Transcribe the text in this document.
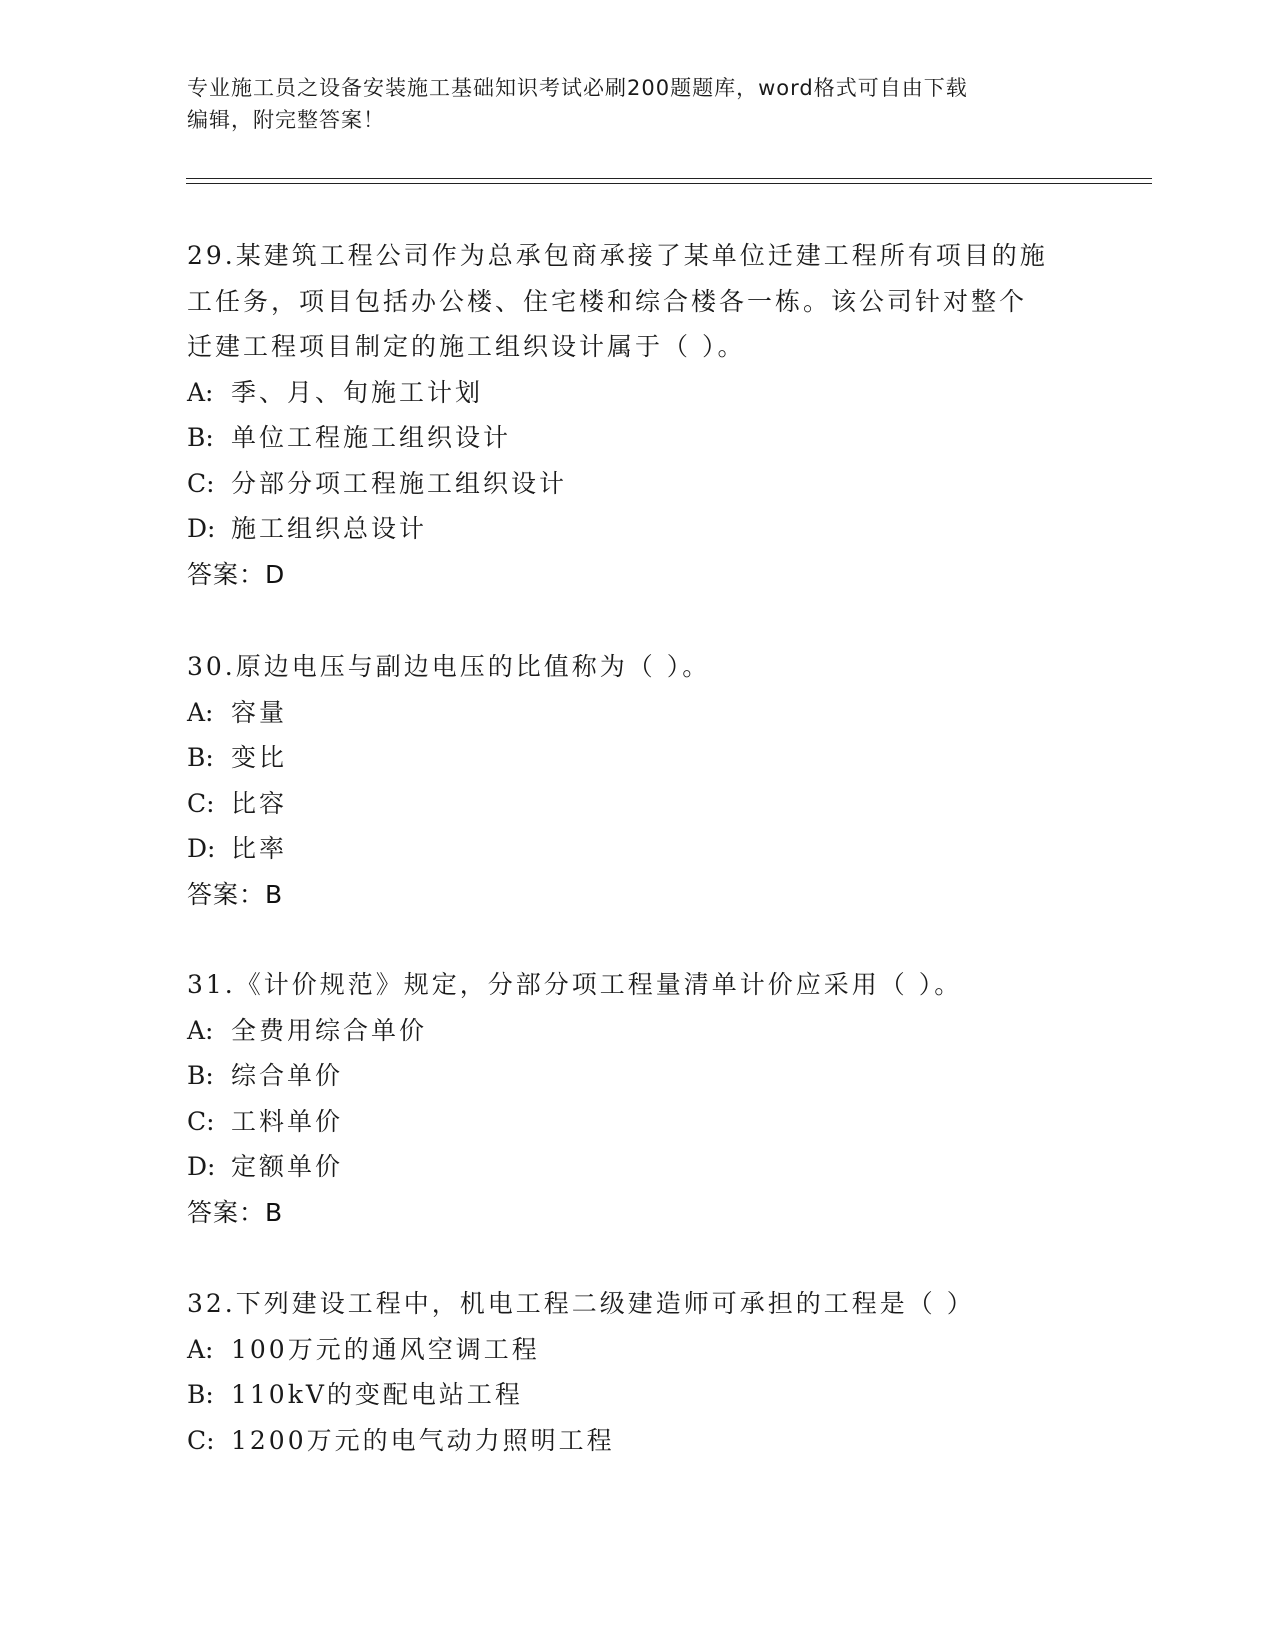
专业施工员之设备安装施工基础知识考试必刷200题题库，word格式可自由下载
编辑，附完整答案！
29.某建筑工程公司作为总承包商承接了某单位迁建工程所有项目的施
工任务，项目包括办公楼、住宅楼和综合楼各一栋。该公司针对整个
迁建工程项目制定的施工组织设计属于（ ）。
A: 季、月、旬施工计划
B: 单位工程施工组织设计
C: 分部分项工程施工组织设计
D: 施工组织总设计
答案：D
30.原边电压与副边电压的比值称为（ ）。
A: 容量
B: 变比
C: 比容
D: 比率
答案：B
31.《计价规范》规定，分部分项工程量清单计价应采用（ ）。
A: 全费用综合单价
B: 综合单价
C: 工料单价
D: 定额单价
答案：B
32.下列建设工程中，机电工程二级建造师可承担的工程是（ ）
A: 100万元的通风空调工程
B: 110kV的变配电站工程
C: 1200万元的电气动力照明工程
